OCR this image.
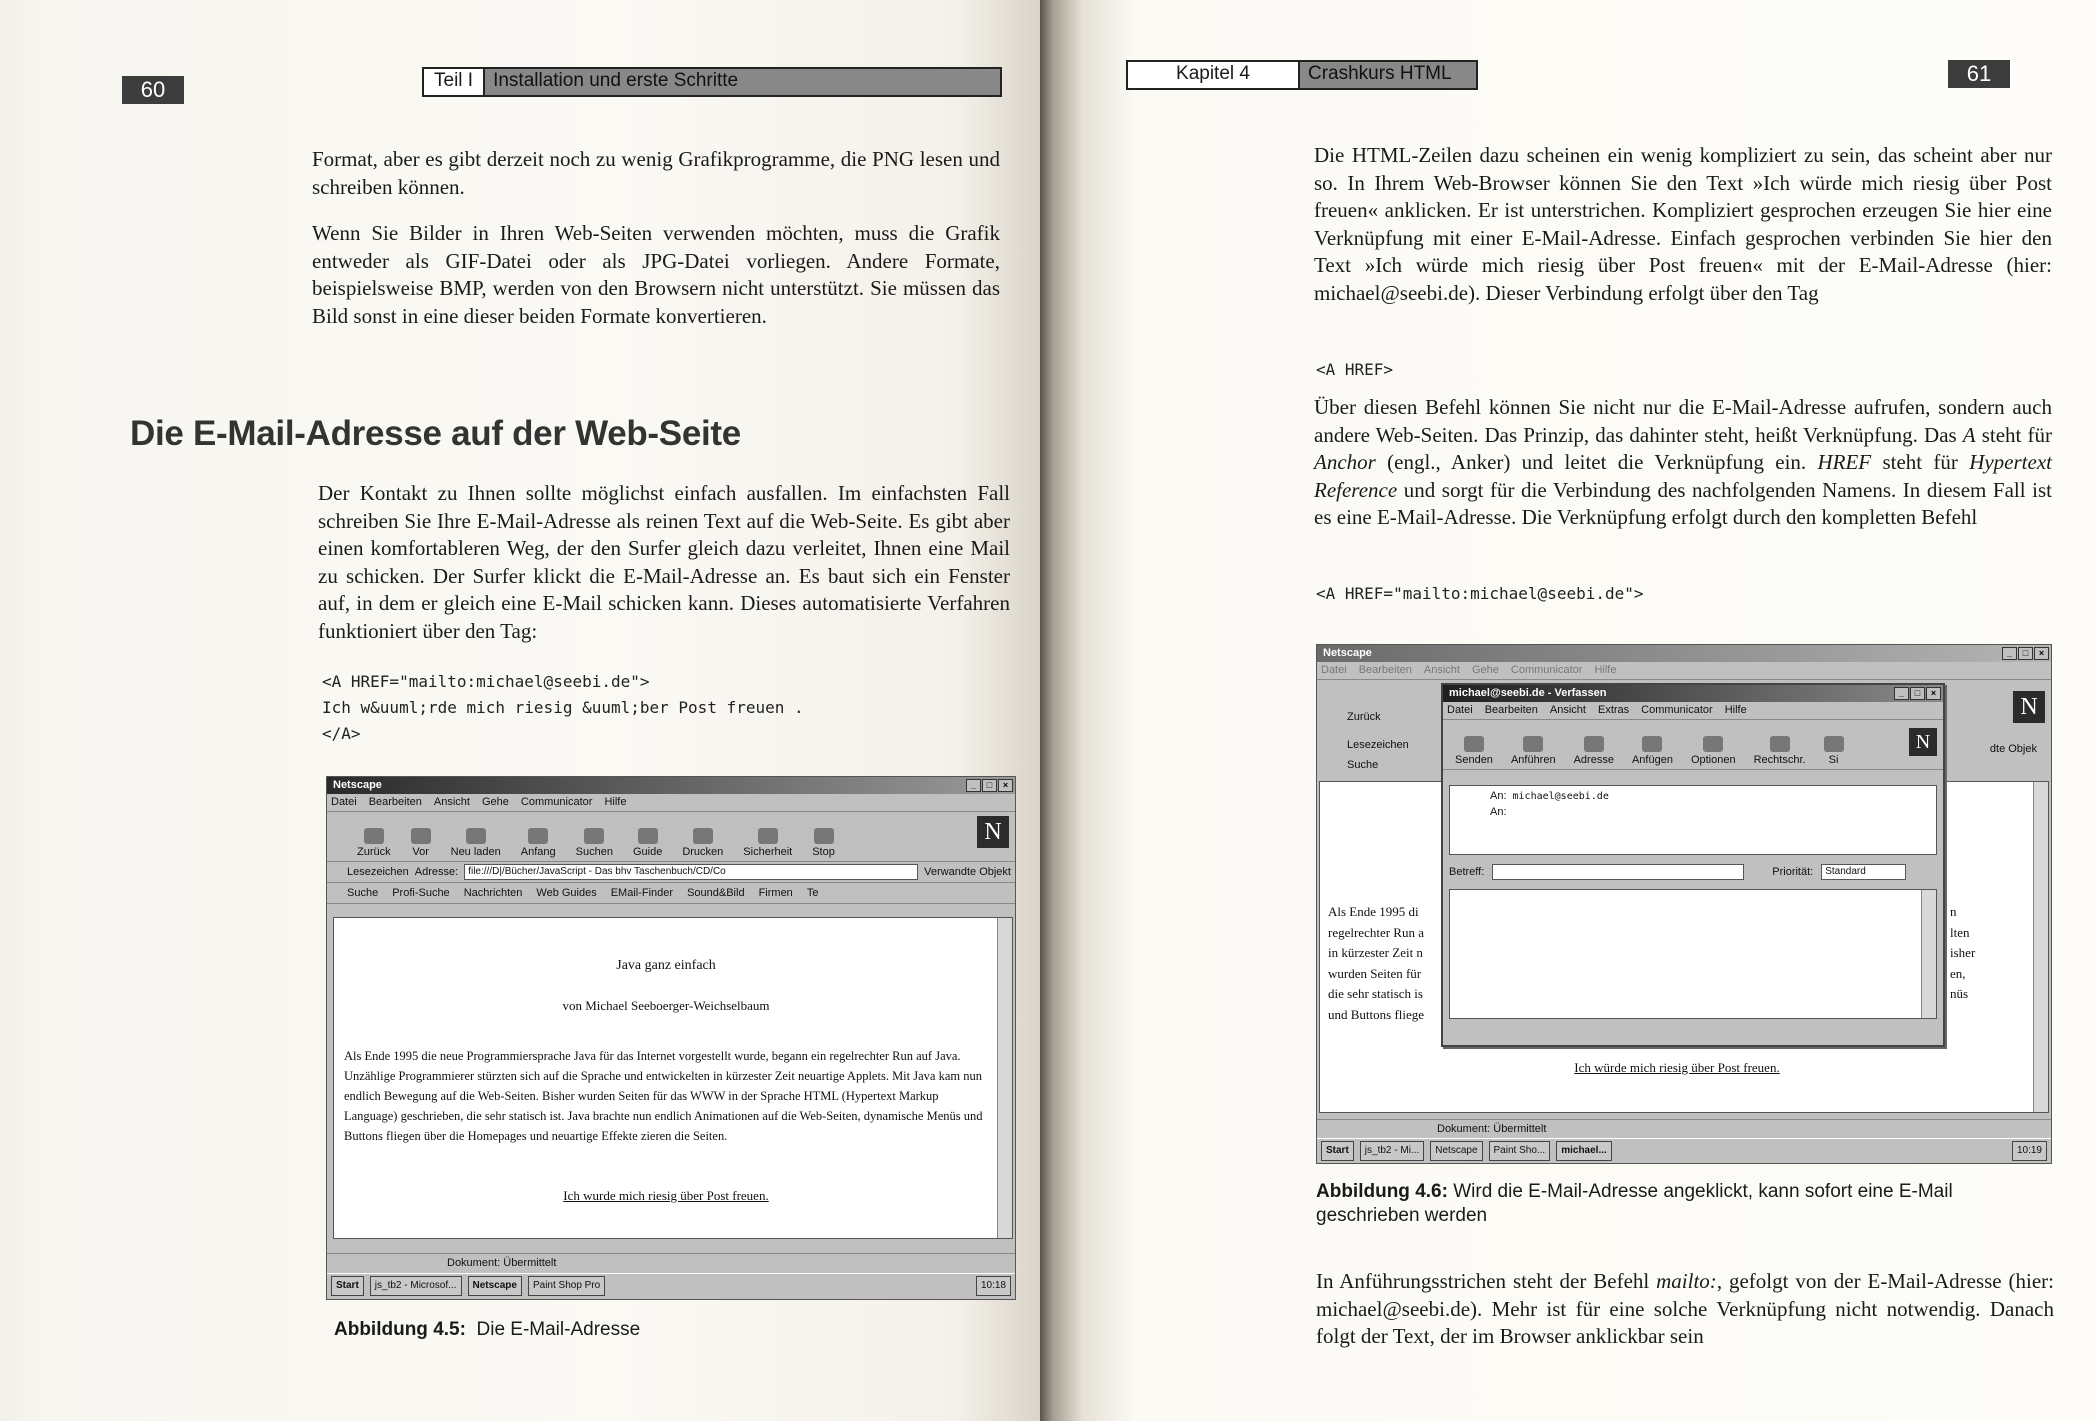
60	Teil I	Installation und erste Schritte

Format, aber es gibt derzeit noch zu wenig Grafikprogramme, die PNG lesen und schreiben können.

Wenn Sie Bilder in Ihren Web-Seiten verwenden möchten, muss die Grafik entweder als GIF-Datei oder als JPG-Datei vorliegen. Andere Formate, beispielsweise BMP, werden von den Browsern nicht unterstützt. Sie müssen das Bild sonst in eine dieser beiden Formate konvertieren.

Die E-Mail-Adresse auf der Web-Seite

Der Kontakt zu Ihnen sollte möglichst einfach ausfallen. Im einfachsten Fall schreiben Sie Ihre E-Mail-Adresse als reinen Text auf die Web-Seite. Es gibt aber einen komfortableren Weg, der den Surfer gleich dazu verleitet, Ihnen eine Mail zu schicken. Der Surfer klickt die E-Mail-Adresse an. Es baut sich ein Fenster auf, in dem er gleich eine E-Mail schicken kann. Dieses automatisierte Verfahren funktioniert über den Tag:

<A HREF="mailto:michael@seebi.de">
Ich w&uuml;rde mich riesig &uuml;ber Post freuen .
</A>
Netscape	_	□	×
Datei Bearbeiten Ansicht Gehe Communicator Hilfe
Zurück Vor Neu laden Anfang Suchen Guide Drucken Sicherheit Stop
N
Lesezeichen Adresse:	file:///D|/Bücher/JavaScript - Das bhv Taschenbuch/CD/Co	Verwandte Objekt
Suche Profi-Suche Nachrichten Web Guides EMail-Finder Sound&Bild Firmen Te
Java ganz einfach
von Michael Seeboerger-Weichselbaum
Als Ende 1995 die neue Programmiersprache Java für das Internet vorgestellt wurde, begann ein regelrechter Run auf Java. Unzählige Programmierer stürzten sich auf die Sprache und entwickelten in kürzester Zeit neuartige Applets. Mit Java kam nun endlich Bewegung auf die Web-Seiten. Bisher wurden Seiten für das WWW in der Sprache HTML (Hypertext Markup Language) geschrieben, die sehr statisch ist. Java brachte nun endlich Animationen auf die Web-Seiten, dynamische Menüs und Buttons fliegen über die Homepages und neuartige Effekte zieren die Seiten.
Ich wurde mich riesig über Post freuen.
Dokument: Übermittelt
Start	js_tb2 - Microsof...	Netscape	Paint Shop Pro	10:18
Abbildung 4.5: Die E-Mail-Adresse
Kapitel 4	Crashkurs HTML	61

Die HTML-Zeilen dazu scheinen ein wenig kompliziert zu sein, das scheint aber nur so. In Ihrem Web-Browser können Sie den Text »Ich würde mich riesig über Post freuen« anklicken. Er ist unterstrichen. Kompliziert gesprochen erzeugen Sie hier eine Verknüpfung mit einer E-Mail-Adresse. Einfach gesprochen verbinden Sie hier den Text »Ich würde mich riesig über Post freuen« mit der E-Mail-Adresse (hier: michael@seebi.de). Dieser Verbindung erfolgt über den Tag

<A HREF>

Über diesen Befehl können Sie nicht nur die E-Mail-Adresse aufrufen, sondern auch andere Web-Seiten. Das Prinzip, das dahinter steht, heißt Verknüpfung. Das A steht für Anchor (engl., Anker) und leitet die Verknüpfung ein. HREF steht für Hypertext Reference und sorgt für die Verbindung des nachfolgenden Namens. In diesem Fall ist es eine E-Mail-Adresse. Die Verknüpfung erfolgt durch den kompletten Befehl

<A HREF="mailto:michael@seebi.de">
Netscape	_	□	×
Datei Bearbeiten Ansicht Gehe Communicator Hilfe
Zurück
Lesezeichen
Suche
dte Objek
N
Als Ende 1995 di
regelrechter Run a
in kürzester Zeit n
wurden Seiten für
die sehr statisch is
und Buttons fliege
n
lten
isher
en,
nüs
Ich würde mich riesig über Post freuen.
michael@seebi.de - Verfassen	_	□	×
Datei Bearbeiten Ansicht Extras Communicator Hilfe
Senden Anführen Adresse Anfügen Optionen Rechtschr.	Si
N
An: michael@seebi.de
An:
Betreff:	Priorität:	Standard
Dokument: Übermittelt
Start	js_tb2 - Mi...	Netscape	Paint Sho...	michael...	10:19
Abbildung 4.6: Wird die E-Mail-Adresse angeklickt, kann sofort eine E-Mail geschrieben werden

In Anführungsstrichen steht der Befehl mailto:, gefolgt von der E-Mail-Adresse (hier: michael@seebi.de). Mehr ist für eine solche Verknüpfung nicht notwendig. Danach folgt der Text, der im Browser anklickbar sein
